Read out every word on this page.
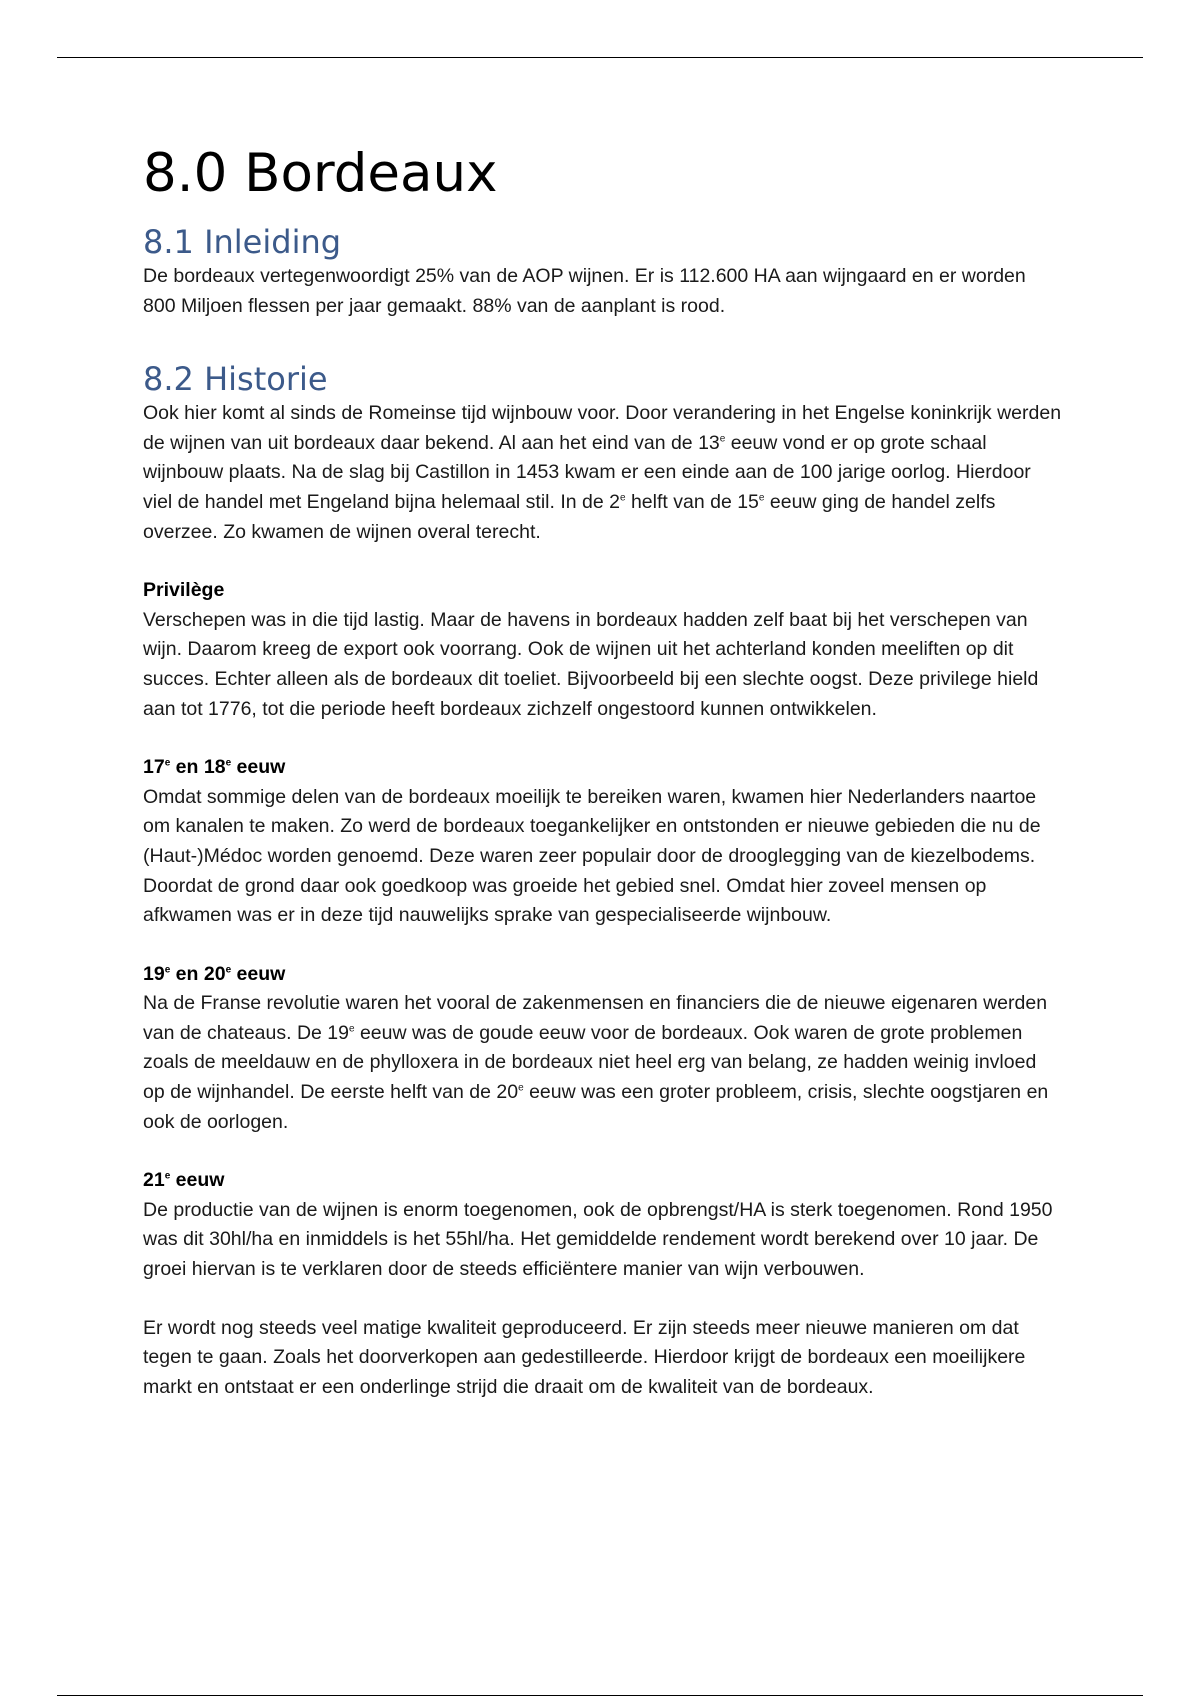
8.0 Bordeaux
8.1 Inleiding

De bordeaux vertegenwoordigt 25% van de AOP wijnen. Er is 112.600 HA aan wijngaard en er worden 800 Miljoen flessen per jaar gemaakt. 88% van de aanplant is rood.

8.2 Historie

Ook hier komt al sinds de Romeinse tijd wijnbouw voor. Door verandering in het Engelse koninkrijk werden de wijnen van uit bordeaux daar bekend. Al aan het eind van de 13e eeuw vond er op grote schaal wijnbouw plaats. Na de slag bij Castillon in 1453 kwam er een einde aan de 100 jarige oorlog. Hierdoor viel de handel met Engeland bijna helemaal stil. In de 2e helft van de 15e eeuw ging de handel zelfs overzee. Zo kwamen de wijnen overal terecht.

Privilège

Verschepen was in die tijd lastig. Maar de havens in bordeaux hadden zelf baat bij het verschepen van wijn. Daarom kreeg de export ook voorrang. Ook de wijnen uit het achterland konden meeliften op dit succes. Echter alleen als de bordeaux dit toeliet. Bijvoorbeeld bij een slechte oogst. Deze privilege hield aan tot 1776, tot die periode heeft bordeaux zichzelf ongestoord kunnen ontwikkelen.

17e en 18e eeuw

Omdat sommige delen van de bordeaux moeilijk te bereiken waren, kwamen hier Nederlanders naartoe om kanalen te maken. Zo werd de bordeaux toegankelijker en ontstonden er nieuwe gebieden die nu de (Haut-)Médoc worden genoemd. Deze waren zeer populair door de drooglegging van de kiezelbodems. Doordat de grond daar ook goedkoop was groeide het gebied snel. Omdat hier zoveel mensen op afkwamen was er in deze tijd nauwelijks sprake van gespecialiseerde wijnbouw.

19e en 20e eeuw

Na de Franse revolutie waren het vooral de zakenmensen en financiers die de nieuwe eigenaren werden van de chateaus. De 19e eeuw was de goude eeuw voor de bordeaux. Ook waren de grote problemen zoals de meeldauw en de phylloxera in de bordeaux niet heel erg van belang, ze hadden weinig invloed op de wijnhandel. De eerste helft van de 20e eeuw was een groter probleem, crisis, slechte oogstjaren en ook de oorlogen.

21e eeuw

De productie van de wijnen is enorm toegenomen, ook de opbrengst/HA is sterk toegenomen. Rond 1950 was dit 30hl/ha en inmiddels is het 55hl/ha. Het gemiddelde rendement wordt berekend over 10 jaar. De groei hiervan is te verklaren door de steeds efficiëntere manier van wijn verbouwen.

Er wordt nog steeds veel matige kwaliteit geproduceerd. Er zijn steeds meer nieuwe manieren om dat tegen te gaan. Zoals het doorverkopen aan gedestilleerde. Hierdoor krijgt de bordeaux een moeilijkere markt en ontstaat er een onderlinge strijd die draait om de kwaliteit van de bordeaux.
